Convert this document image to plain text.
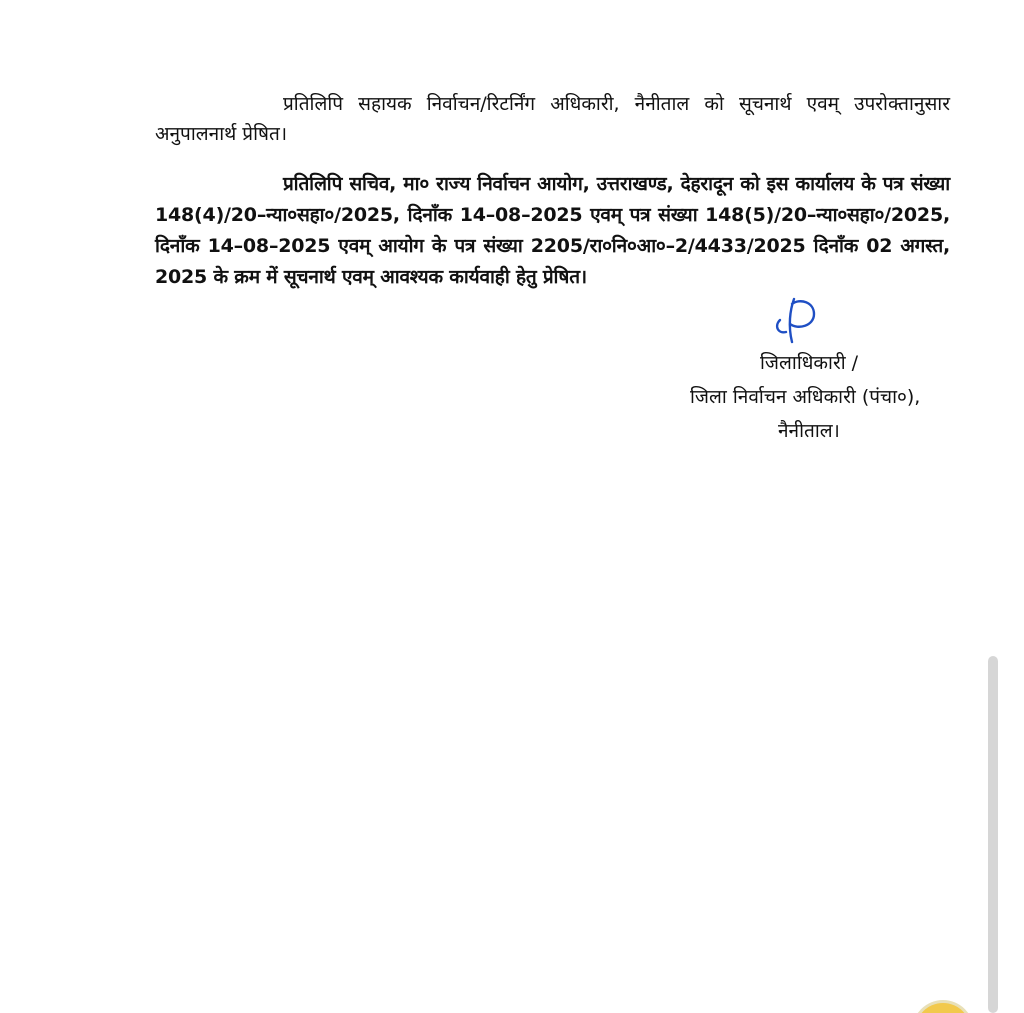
प्रतिलिपि सहायक निर्वाचन/रिटर्निंग अधिकारी, नैनीताल को सूचनार्थ एवम् उपरोक्तानुसार अनुपालनार्थ प्रेषित।

प्रतिलिपि सचिव, मा० राज्य निर्वाचन आयोग, उत्तराखण्ड, देहरादून को इस कार्यालय के पत्र संख्या 148(4)/20–न्या०सहा०/2025, दिनाँक 14–08–2025 एवम् पत्र संख्या 148(5)/20–न्या०सहा०/2025, दिनाँक 14–08–2025 एवम् आयोग के पत्र संख्या 2205/रा०नि०आ०–2/4433/2025 दिनाँक 02 अगस्त, 2025 के क्रम में सूचनार्थ एवम् आवश्यक कार्यवाही हेतु प्रेषित।

जिलाधिकारी /
जिला निर्वाचन अधिकारी (पंचा०),
नैनीताल।
